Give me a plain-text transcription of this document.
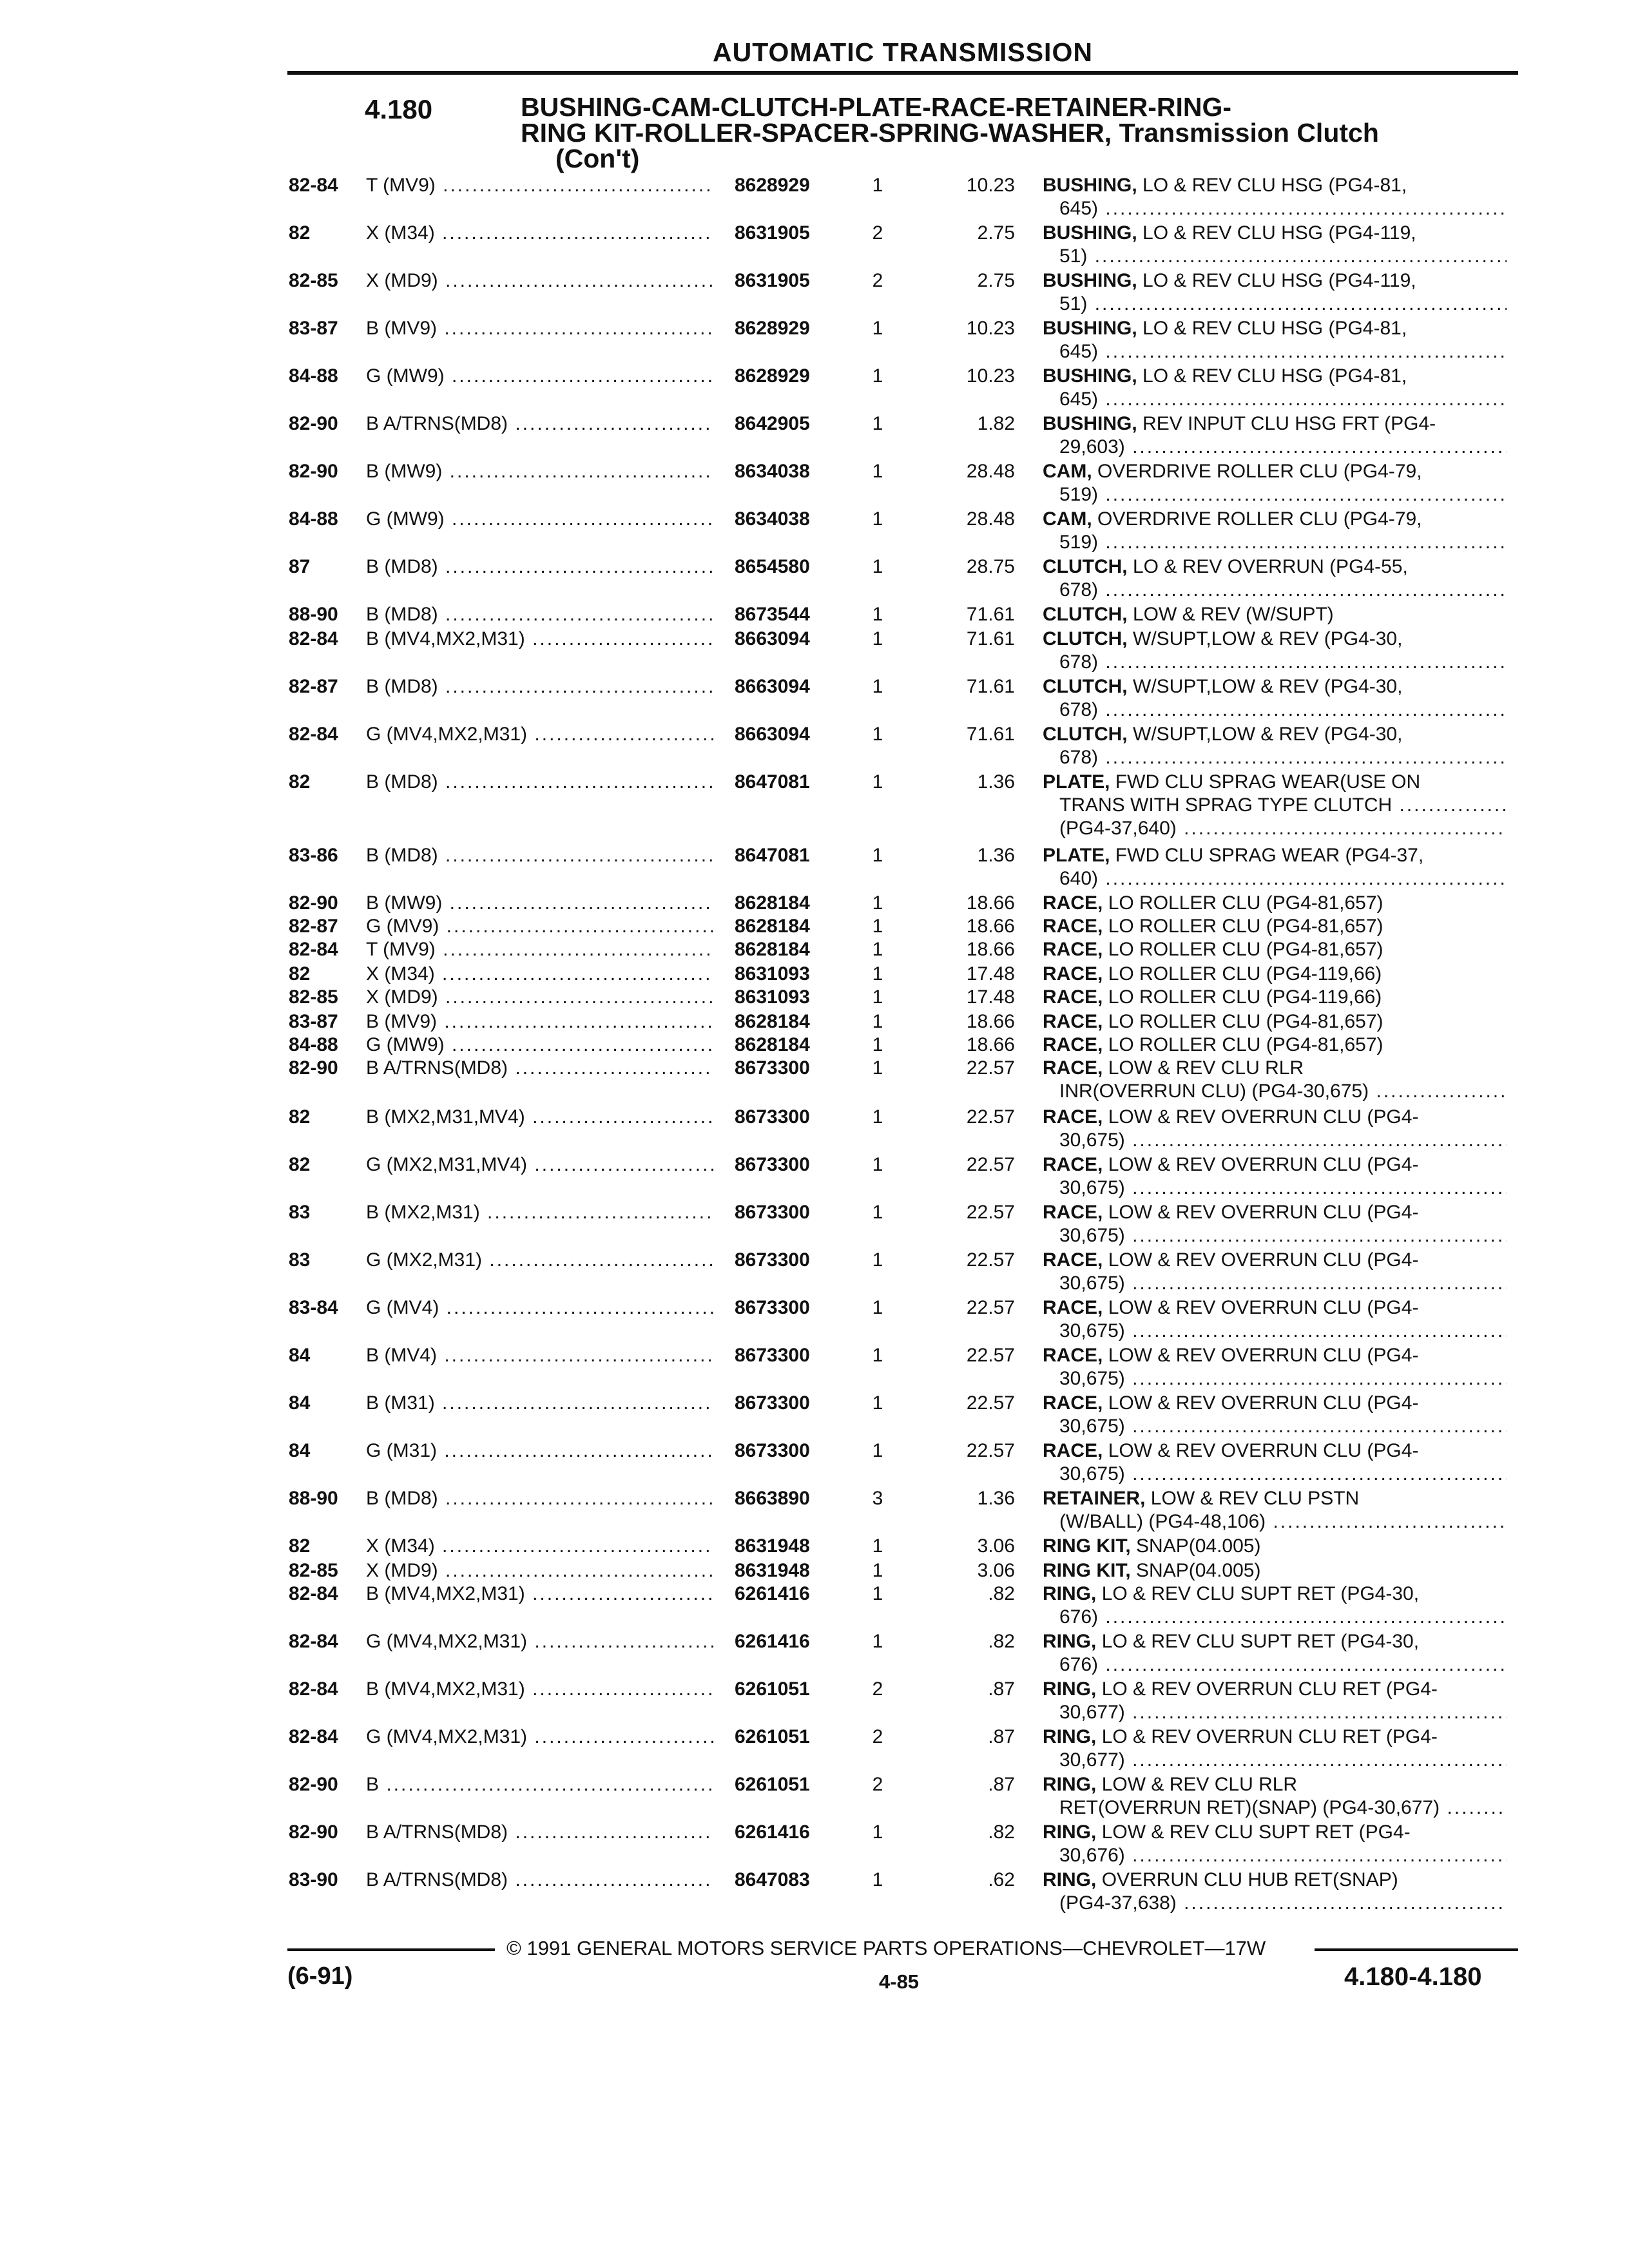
AUTOMATIC TRANSMISSION
4.180	BUSHING-CAM-CLUTCH-PLATE-RACE-RETAINER-RING-
RING KIT-ROLLER-SPACER-SPRING-WASHER, Transmission Clutch
(Con't)
82-84	T (MV9) .....	8628929	1	10.23 BUSHING, LO & REV CLU HSG (PG4-81,
645) .....
82	X (M34) .....	8631905	2	2.75 BUSHING, LO & REV CLU HSG (PG4-119,
51) .....
82-85	X (MD9) .....	8631905	2	2.75 BUSHING, LO & REV CLU HSG (PG4-119,
51) .....
83-87	B (MV9) .....	8628929	1	10.23 BUSHING, LO & REV CLU HSG (PG4-81,
645) .....
84-88	G (MW9) .....	8628929	1	10.23 BUSHING, LO & REV CLU HSG (PG4-81,
645) .....
82-90	B A/TRNS(MD8) .....	8642905	1	1.82 BUSHING, REV INPUT CLU HSG FRT (PG4-
29,603) .....
82-90	B (MW9) .....	8634038	1	28.48 CAM, OVERDRIVE ROLLER CLU (PG4-79,
519) .....
84-88	G (MW9) .....	8634038	1	28.48 CAM, OVERDRIVE ROLLER CLU (PG4-79,
519) .....
87	B (MD8) .....	8654580	1	28.75 CLUTCH, LO & REV OVERRUN (PG4-55,
678) .....
88-90	B (MD8) .....	8673544	1	71.61 CLUTCH, LOW & REV (W/SUPT)
82-84	B (MV4,MX2,M31) .....	8663094	1	71.61 CLUTCH, W/SUPT,LOW & REV (PG4-30,
678) .....
82-87	B (MD8) .....	8663094	1	71.61 CLUTCH, W/SUPT,LOW & REV (PG4-30,
678) .....
82-84	G (MV4,MX2,M31) .....	8663094	1	71.61 CLUTCH, W/SUPT,LOW & REV (PG4-30,
678) .....
82	B (MD8) .....	8647081	1	1.36 PLATE, FWD CLU SPRAG WEAR(USE ON
TRANS WITH SPRAG TYPE CLUTCH .....
(PG4-37,640) .....
83-86	B (MD8) .....	8647081	1	1.36 PLATE, FWD CLU SPRAG WEAR (PG4-37,
640) .....
82-90	B (MW9) .....	8628184	1	18.66 RACE, LO ROLLER CLU (PG4-81,657)
82-87	G (MV9) .....	8628184	1	18.66 RACE, LO ROLLER CLU (PG4-81,657)
82-84	T (MV9) .....	8628184	1	18.66 RACE, LO ROLLER CLU (PG4-81,657)
82	X (M34) .....	8631093	1	17.48 RACE, LO ROLLER CLU (PG4-119,66)
82-85	X (MD9) .....	8631093	1	17.48 RACE, LO ROLLER CLU (PG4-119,66)
83-87	B (MV9) .....	8628184	1	18.66 RACE, LO ROLLER CLU (PG4-81,657)
84-88	G (MW9) .....	8628184	1	18.66 RACE, LO ROLLER CLU (PG4-81,657)
82-90	B A/TRNS(MD8) .....	8673300	1	22.57 RACE, LOW & REV CLU RLR
INR(OVERRUN CLU) (PG4-30,675) .....
82	B (MX2,M31,MV4) .....	8673300	1	22.57 RACE, LOW & REV OVERRUN CLU (PG4-
30,675) .....
82	G (MX2,M31,MV4) .....	8673300	1	22.57 RACE, LOW & REV OVERRUN CLU (PG4-
30,675) .....
83	B (MX2,M31) .....	8673300	1	22.57 RACE, LOW & REV OVERRUN CLU (PG4-
30,675) .....
83	G (MX2,M31) .....	8673300	1	22.57 RACE, LOW & REV OVERRUN CLU (PG4-
30,675) .....
83-84	G (MV4) .....	8673300	1	22.57 RACE, LOW & REV OVERRUN CLU (PG4-
30,675) .....
84	B (MV4) .....	8673300	1	22.57 RACE, LOW & REV OVERRUN CLU (PG4-
30,675) .....
84	B (M31) .....	8673300	1	22.57 RACE, LOW & REV OVERRUN CLU (PG4-
30,675) .....
84	G (M31) .....	8673300	1	22.57 RACE, LOW & REV OVERRUN CLU (PG4-
30,675) .....
88-90	B (MD8) .....	8663890	3	1.36 RETAINER, LOW & REV CLU PSTN
(W/BALL) (PG4-48,106) .....
82	X (M34) .....	8631948	1	3.06 RING KIT, SNAP(04.005)
82-85	X (MD9) .....	8631948	1	3.06 RING KIT, SNAP(04.005)
82-84	B (MV4,MX2,M31) .....	6261416	1	.82 RING, LO & REV CLU SUPT RET (PG4-30,
676) .....
82-84	G (MV4,MX2,M31) .....	6261416	1	.82 RING, LO & REV CLU SUPT RET (PG4-30,
676) .....
82-84	B (MV4,MX2,M31) .....	6261051	2	.87 RING, LO & REV OVERRUN CLU RET (PG4-
30,677) .....
82-84	G (MV4,MX2,M31) .....	6261051	2	.87 RING, LO & REV OVERRUN CLU RET (PG4-
30,677) .....
82-90	B .....	6261051	2	.87 RING, LOW & REV CLU RLR
RET(OVERRUN RET)(SNAP) (PG4-30,677) .....
82-90	B A/TRNS(MD8) .....	6261416	1	.82 RING, LOW & REV CLU SUPT RET (PG4-
30,676) .....
83-90	B A/TRNS(MD8) .....	8647083	1	.62 RING, OVERRUN CLU HUB RET(SNAP)
(PG4-37,638) .....
© 1991 GENERAL MOTORS SERVICE PARTS OPERATIONS—CHEVROLET—17W
(6-91)	4-85	4.180-4.180
